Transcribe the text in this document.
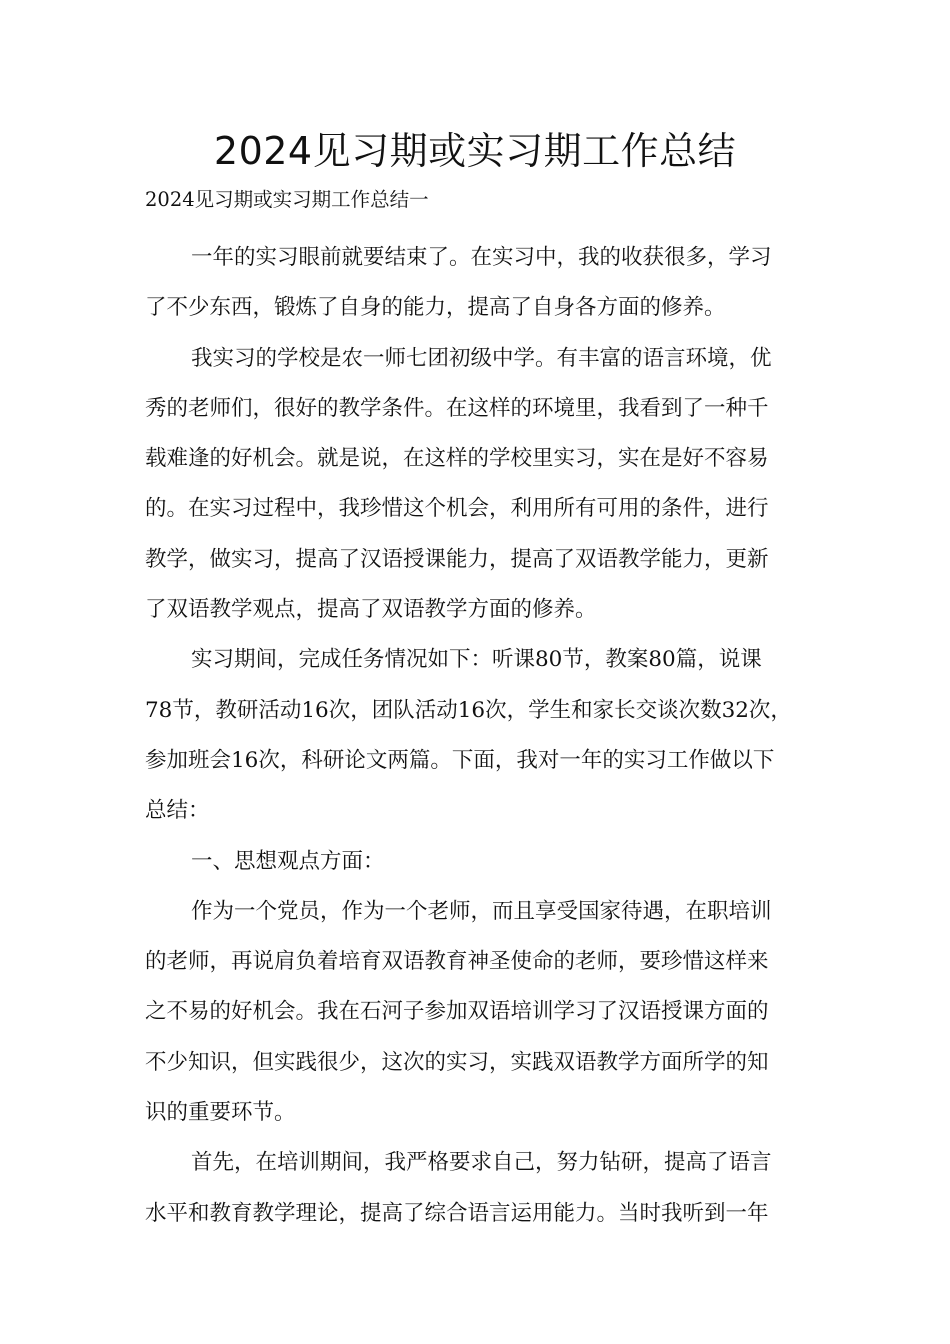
2024见习期或实习期工作总结
2024见习期或实习期工作总结一

一年的实习眼前就要结束了。在实习中，我的收获很多，学习
了不少东西，锻炼了自身的能力，提高了自身各方面的修养。

我实习的学校是农一师七团初级中学。有丰富的语言环境，优
秀的老师们，很好的教学条件。在这样的环境里，我看到了一种千
载难逢的好机会。就是说，在这样的学校里实习，实在是好不容易
的。在实习过程中，我珍惜这个机会，利用所有可用的条件，进行
教学，做实习，提高了汉语授课能力，提高了双语教学能力，更新
了双语教学观点，提高了双语教学方面的修养。

实习期间，完成任务情况如下：听课80节，教案80篇，说课
78节，教研活动16次，团队活动16次，学生和家长交谈次数32次，
参加班会16次，科研论文两篇。下面，我对一年的实习工作做以下
总结：

一、思想观点方面：

作为一个党员，作为一个老师，而且享受国家待遇，在职培训
的老师，再说肩负着培育双语教育神圣使命的老师，要珍惜这样来
之不易的好机会。我在石河子参加双语培训学习了汉语授课方面的
不少知识，但实践很少，这次的实习，实践双语教学方面所学的知
识的重要环节。

首先，在培训期间，我严格要求自己，努力钻研，提高了语言
水平和教育教学理论，提高了综合语言运用能力。当时我听到一年
